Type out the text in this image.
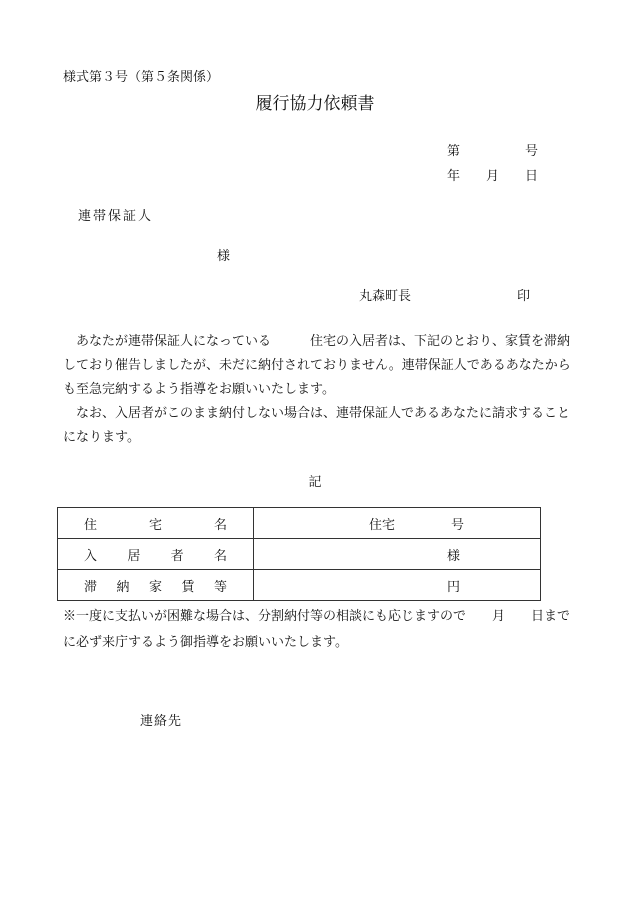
様式第３号（第５条関係）
履行協力依頼書
第　　　　　号
年　　月　　日
連帯保証人
様
丸森町長	印

あなたが連帯保証人になっている　　　住宅の入居者は、下記のとおり、家賃を滞納しており催告しましたが、未だに納付されておりません。連帯保証人であるあなたからも至急完納するよう指導をお願いいたします。

なお、入居者がこのまま納付しない場合は、連帯保証人であるあなたに請求することになります。

記
住 宅 名	住宅 号

入 居 者 名	様

滞 納 家 賃 等	円
※一度に支払いが困難な場合は、分割納付等の相談にも応じますので　　月　　日までに必ず来庁するよう御指導をお願いいたします。
連絡先
